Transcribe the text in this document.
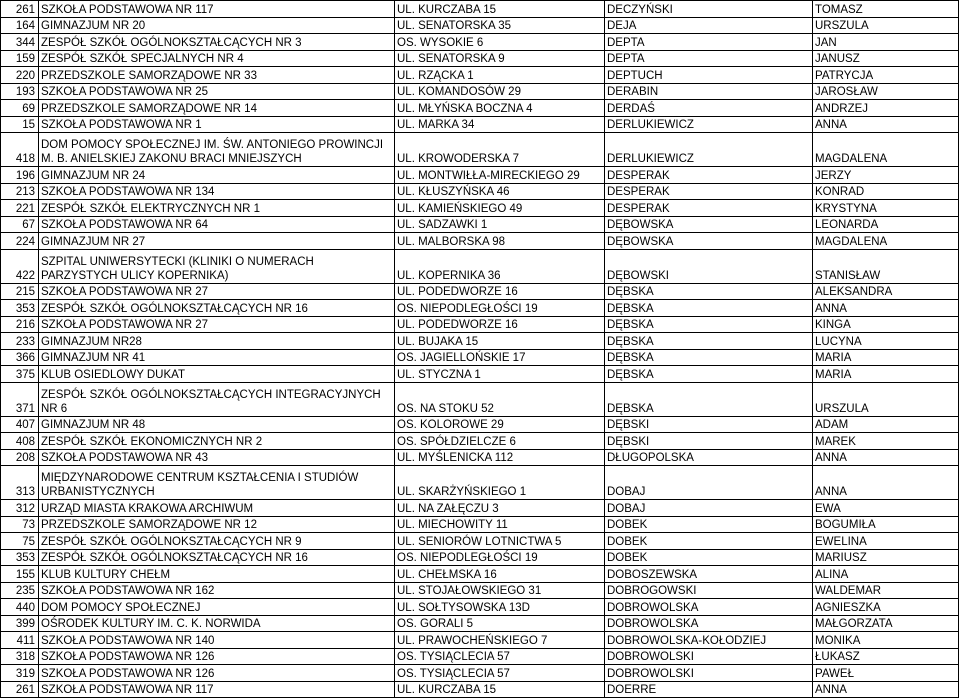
261	SZKOŁA PODSTAWOWA NR 117	UL. KURCZABA 15	DECZYŃSKI	TOMASZ
164	GIMNAZJUM NR 20	UL. SENATORSKA 35	DEJA	URSZULA
344	ZESPÓŁ SZKÓŁ OGÓLNOKSZTAŁCĄCYCH NR 3	OS. WYSOKIE 6	DEPTA	JAN
159	ZESPÓŁ SZKÓŁ SPECJALNYCH NR 4	UL. SENATORSKA 9	DEPTA	JANUSZ
220	PRZEDSZKOLE SAMORZĄDOWE NR 33	UL. RZĄCKA 1	DEPTUCH	PATRYCJA
193	SZKOŁA PODSTAWOWA NR 25	UL. KOMANDOSÓW 29	DERABIN	JAROSŁAW
69	PRZEDSZKOLE SAMORZĄDOWE NR 14	UL. MŁYŃSKA BOCZNA 4	DERDAŚ	ANDRZEJ
15	SZKOŁA PODSTAWOWA NR 1	UL. MARKA 34	DERLUKIEWICZ	ANNA
418	DOM POMOCY SPOŁECZNEJ IM. ŚW. ANTONIEGO PROWINCJI M. B. ANIELSKIEJ ZAKONU BRACI MNIEJSZYCH	UL. KROWODERSKA 7	DERLUKIEWICZ	MAGDALENA
196	GIMNAZJUM NR 24	UL. MONTWIŁŁA-MIRECKIEGO 29	DESPERAK	JERZY
213	SZKOŁA PODSTAWOWA NR 134	UL. KŁUSZYŃSKA 46	DESPERAK	KONRAD
221	ZESPÓŁ SZKÓŁ ELEKTRYCZNYCH NR 1	UL. KAMIEŃSKIEGO 49	DESPERAK	KRYSTYNA
67	SZKOŁA PODSTAWOWA NR 64	UL. SADZAWKI 1	DĘBOWSKA	LEONARDA
224	GIMNAZJUM NR 27	UL. MALBORSKA 98	DĘBOWSKA	MAGDALENA
422	SZPITAL UNIWERSYTECKI (KLINIKI O NUMERACH PARZYSTYCH ULICY KOPERNIKA)	UL. KOPERNIKA 36	DĘBOWSKI	STANISŁAW
215	SZKOŁA PODSTAWOWA NR 27	UL. PODEDWORZE 16	DĘBSKA	ALEKSANDRA
353	ZESPÓŁ SZKÓŁ OGÓLNOKSZTAŁCĄCYCH NR 16	OS. NIEPODLEGŁOŚCI 19	DĘBSKA	ANNA
216	SZKOŁA PODSTAWOWA NR 27	UL. PODEDWORZE 16	DĘBSKA	KINGA
233	GIMNAZJUM NR28	UL. BUJAKA 15	DĘBSKA	LUCYNA
366	GIMNAZJUM NR 41	OS. JAGIELLOŃSKIE 17	DĘBSKA	MARIA
375	KLUB OSIEDLOWY DUKAT	UL. STYCZNA 1	DĘBSKA	MARIA
371	ZESPÓŁ SZKÓŁ OGÓLNOKSZTAŁCĄCYCH INTEGRACYJNYCH NR 6	OS. NA STOKU 52	DĘBSKA	URSZULA
407	GIMNAZJUM NR 48	OS. KOLOROWE 29	DĘBSKI	ADAM
408	ZESPÓŁ SZKÓŁ EKONOMICZNYCH NR 2	OS. SPÓŁDZIELCZE 6	DĘBSKI	MAREK
208	SZKOŁA PODSTAWOWA NR 43	UL. MYŚLENICKA 112	DŁUGOPOLSKA	ANNA
313	MIĘDZYNARODOWE CENTRUM KSZTAŁCENIA I STUDIÓW URBANISTYCZNYCH	UL. SKARŻYŃSKIEGO 1	DOBAJ	ANNA
312	URZĄD MIASTA KRAKOWA ARCHIWUM	UL. NA ZAŁĘCZU 3	DOBAJ	EWA
73	PRZEDSZKOLE SAMORZĄDOWE NR 12	UL. MIECHOWITY 11	DOBEK	BOGUMIŁA
75	ZESPÓŁ SZKÓŁ OGÓLNOKSZTAŁCĄCYCH NR 9	UL. SENIORÓW LOTNICTWA 5	DOBEK	EWELINA
353	ZESPÓŁ SZKÓŁ OGÓLNOKSZTAŁCĄCYCH NR 16	OS. NIEPODLEGŁOŚCI 19	DOBEK	MARIUSZ
155	KLUB KULTURY CHEŁM	UL. CHEŁMSKA 16	DOBOSZEWSKA	ALINA
235	SZKOŁA PODSTAWOWA NR 162	UL. STOJAŁOWSKIEGO 31	DOBROGOWSKI	WALDEMAR
440	DOM POMOCY SPOŁECZNEJ	UL. SOŁTYSOWSKA 13D	DOBROWOLSKA	AGNIESZKA
399	OŚRODEK KULTURY IM. C. K. NORWIDA	OS. GORALI 5	DOBROWOLSKA	MAŁGORZATA
411	SZKOŁA PODSTAWOWA NR 140	UL. PRAWOCHEŃSKIEGO 7	DOBROWOLSKA-KOŁODZIEJ	MONIKA
318	SZKOŁA PODSTAWOWA NR 126	OS. TYSIĄCLECIA 57	DOBROWOLSKI	ŁUKASZ
319	SZKOŁA PODSTAWOWA NR 126	OS. TYSIĄCLECIA 57	DOBROWOLSKI	PAWEŁ
261	SZKOŁA PODSTAWOWA NR 117	UL. KURCZABA 15	DOERRE	ANNA
